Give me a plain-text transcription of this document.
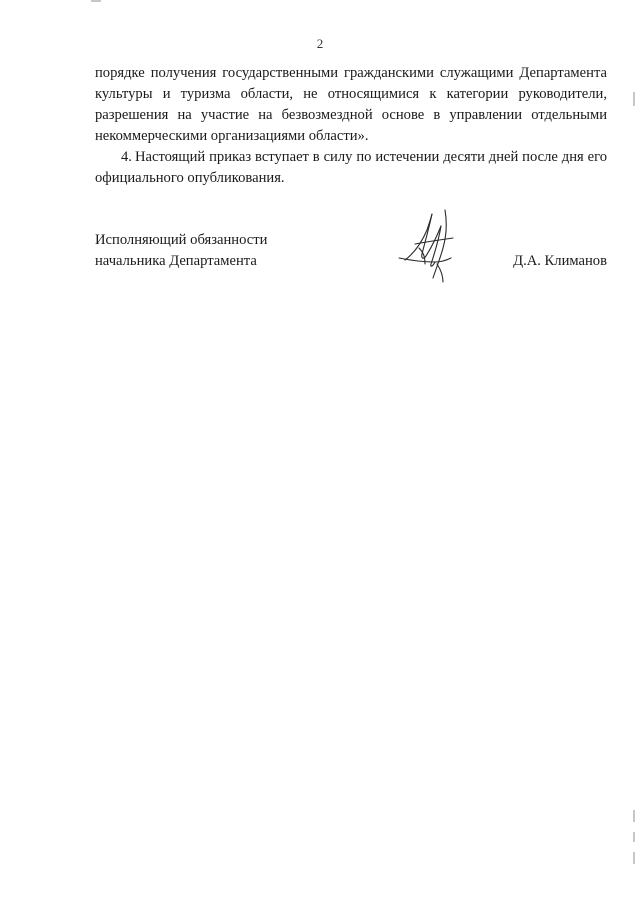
2
порядке получения государственными гражданскими служащими Департамента культуры и туризма области, не относящимися к категории руководители, разрешения на участие на безвозмездной основе в управлении отдельными некоммерческими организациями области».
4. Настоящий приказ вступает в силу по истечении десяти дней после дня его официального опубликования.
Исполняющий обязанности
начальника Департамента	Д.А. Климанов
